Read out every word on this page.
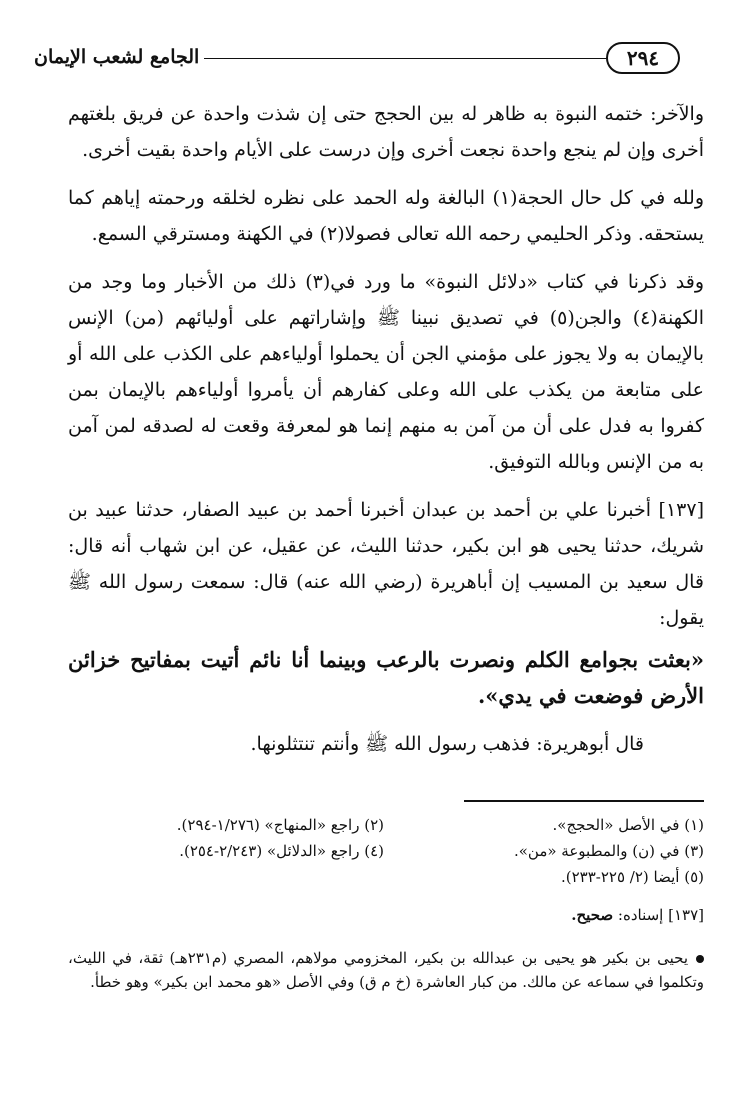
٢٩٤
الجامع لشعب الإيمان

والآخر: ختمه النبوة به ظاهر له بين الحجج حتى إن شذت واحدة عن فريق بلغتهم أخرى وإن لم ينجع واحدة نجعت أخرى وإن درست على الأيام واحدة بقيت أخرى.

ولله في كل حال الحجة(١) البالغة وله الحمد على نظره لخلقه ورحمته إياهم كما يستحقه. وذكر الحليمي رحمه الله تعالى فصولا(٢) في الكهنة ومسترقي السمع.

وقد ذكرنا في كتاب «دلائل النبوة» ما ورد في(٣) ذلك من الأخبار وما وجد من الكهنة(٤) والجن(٥) في تصديق نبينا ﷺ وإشاراتهم على أوليائهم (من) الإنس بالإيمان به ولا يجوز على مؤمني الجن أن يحملوا أولياءهم على الكذب على الله أو على متابعة من يكذب على الله وعلى كفارهم أن يأمروا أولياءهم بالإيمان بمن كفروا به فدل على أن من آمن به منهم إنما هو لمعرفة وقعت له لصدقه لمن آمن به من الإنس وبالله التوفيق.

[١٣٧] أخبرنا علي بن أحمد بن عبدان أخبرنا أحمد بن عبيد الصفار، حدثنا عبيد بن شريك، حدثنا يحيى هو ابن بكير، حدثنا الليث، عن عقيل، عن ابن شهاب أنه قال: قال سعيد بن المسيب إن أباهريرة (رضي الله عنه) قال: سمعت رسول الله ﷺ يقول:

«بعثت بجوامع الكلم ونصرت بالرعب وبينما أنا نائم أتيت بمفاتيح خزائن الأرض فوضعت في يدي».

قال أبوهريرة: فذهب رسول الله ﷺ وأنتم تنتثلونها.

(١) في الأصل «الحجج».
(٢) راجع «المنهاج» (١/٢٧٦-٢٩٤).
(٣) في (ن) والمطبوعة «من».
(٤) راجع «الدلائل» (٢/٢٤٣-٢٥٤).
(٥) أيضا (٢/ ٢٢٥-٢٣٣).
[١٣٧] إسناده: صحيح.
يحيى بن بكير هو يحيى بن عبدالله بن بكير، المخزومي مولاهم، المصري (م٢٣١هـ) ثقة، في الليث، وتكلموا في سماعه عن مالك. من كبار العاشرة (خ م ق) وفي الأصل «هو محمد ابن بكير» وهو خطأ.
